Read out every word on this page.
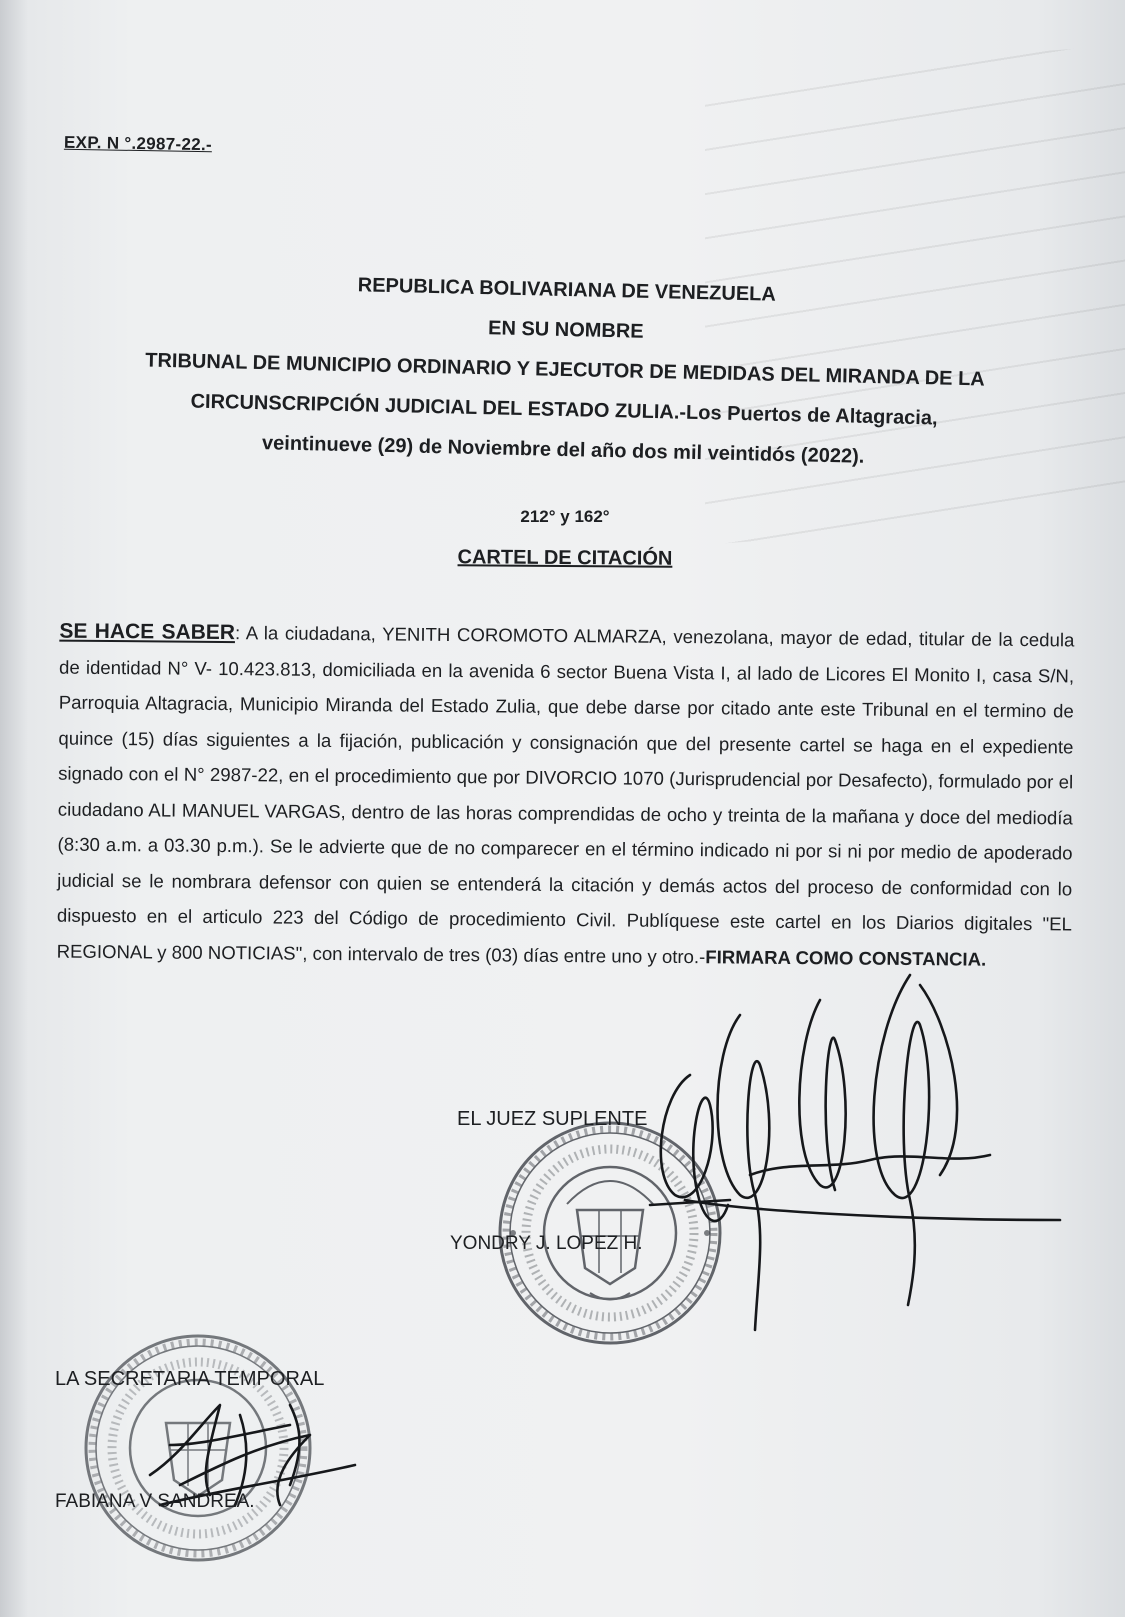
EXP. N °.2987-22.-
REPUBLICA BOLIVARIANA DE VENEZUELA
EN SU NOMBRE
TRIBUNAL DE MUNICIPIO ORDINARIO Y EJECUTOR DE MEDIDAS DEL MIRANDA DE LA
CIRCUNSCRIPCIÓN JUDICIAL DEL ESTADO ZULIA.-Los Puertos de Altagracia,
veintinueve (29) de Noviembre del año dos mil veintidós (2022).
212° y 162°
CARTEL DE CITACIÓN
SE HACE SABER: A la ciudadana, YENITH COROMOTO ALMARZA, venezolana, mayor de edad, titular de la cedula de identidad N° V- 10.423.813, domiciliada en la avenida 6 sector Buena Vista I, al lado de Licores El Monito I, casa S/N, Parroquia Altagracia, Municipio Miranda del Estado Zulia, que debe darse por citado ante este Tribunal en el termino de quince (15) días siguientes a la fijación, publicación y consignación que del presente cartel se haga en el expediente signado con el N° 2987-22, en el procedimiento que por DIVORCIO 1070 (Jurisprudencial por Desafecto), formulado por el ciudadano ALI MANUEL VARGAS, dentro de las horas comprendidas de ocho y treinta de la mañana y doce del mediodía (8:30 a.m. a 03.30 p.m.). Se le advierte que de no comparecer en el término indicado ni por si ni por medio de apoderado judicial se le nombrara defensor con quien se entenderá la citación y demás actos del proceso de conformidad con lo dispuesto en el articulo 223 del Código de procedimiento Civil. Publíquese este cartel en los Diarios digitales "EL REGIONAL y 800 NOTICIAS", con intervalo de tres (03) días entre uno y otro.-FIRMARA COMO CONSTANCIA.
EL JUEZ SUPLENTE
YONDRY J. LOPEZ H.
LA SECRETARIA TEMPORAL
FABIANA V SANDREA.
